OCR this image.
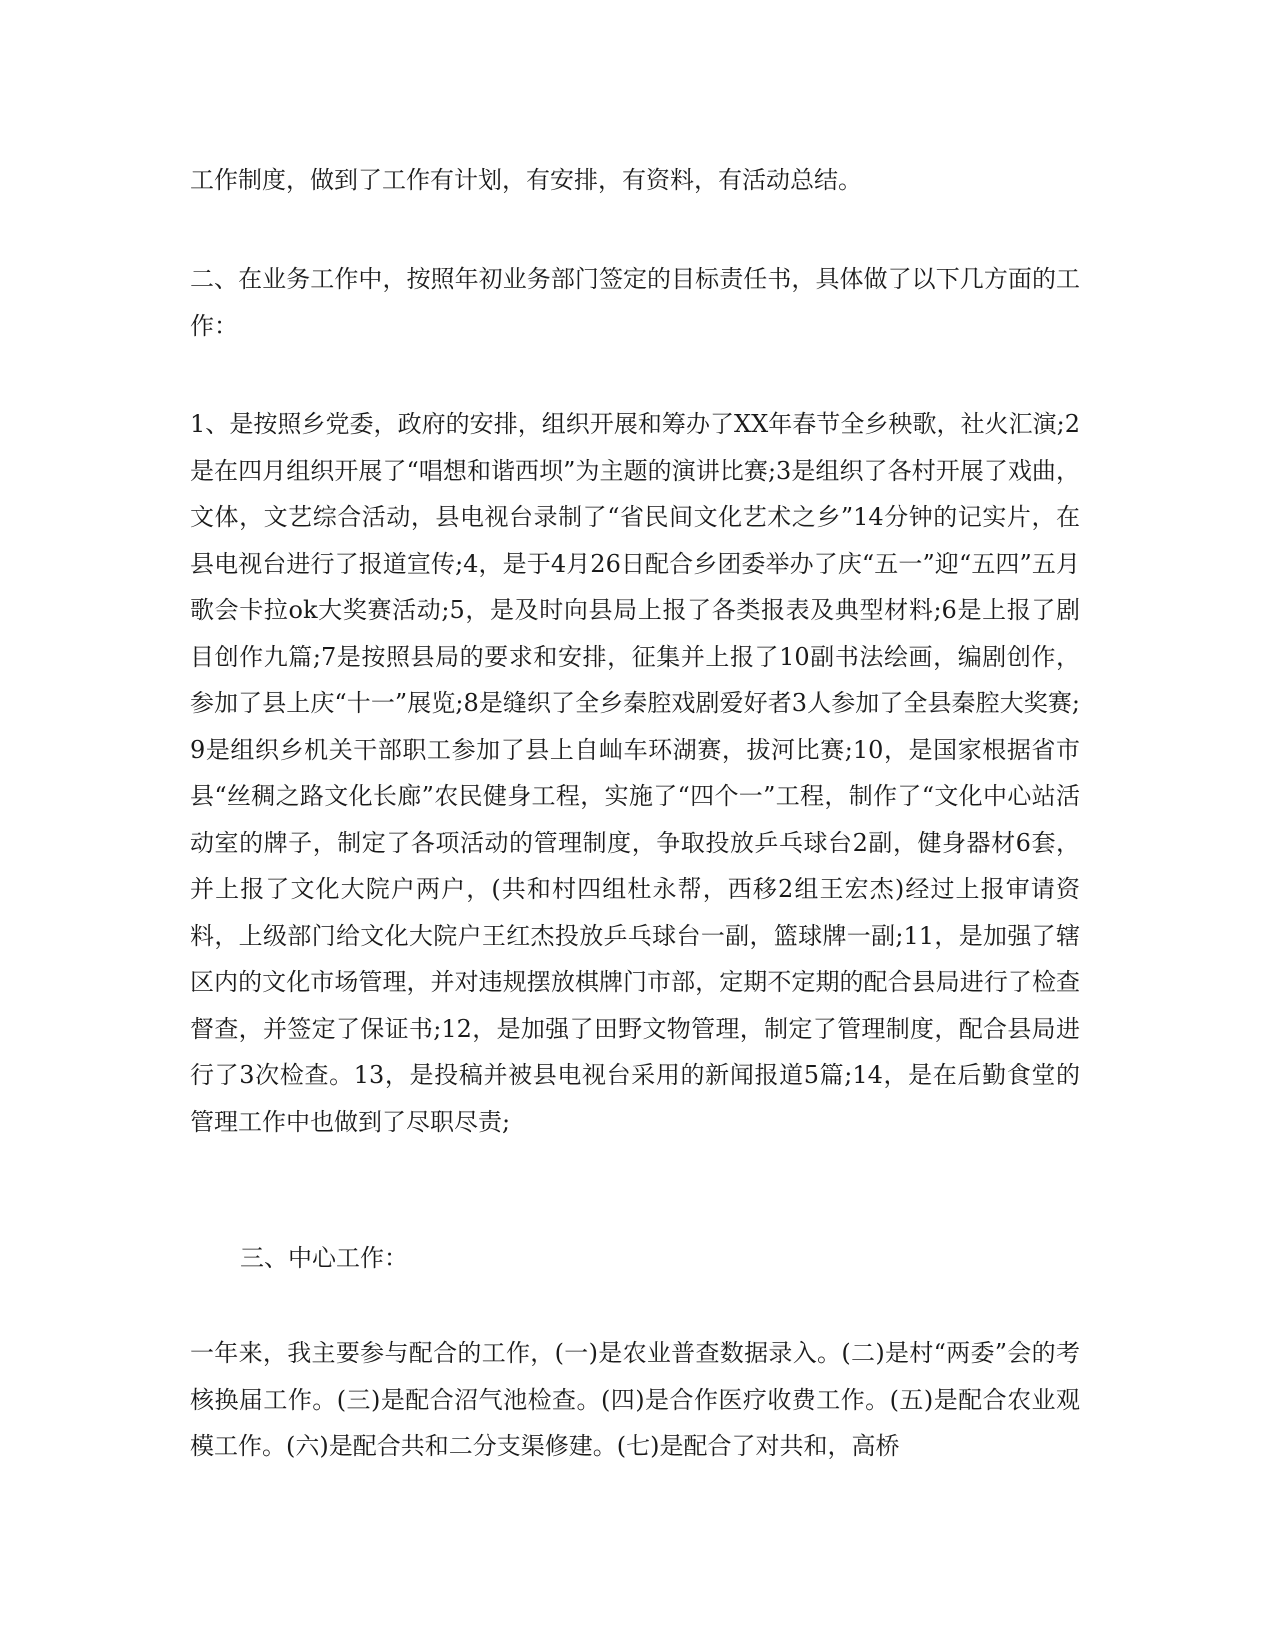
工作制度，做到了工作有计划，有安排，有资料，有活动总结。

二、在业务工作中，按照年初业务部门签定的目标责任书，具体做了以下几方面的工作：

1、是按照乡党委，政府的安排，组织开展和筹办了XX年春节全乡秧歌，社火汇演;2是在四月组织开展了“唱想和谐西坝”为主题的演讲比赛;3是组织了各村开展了戏曲，文体，文艺综合活动，县电视台录制了“省民间文化艺术之乡”14分钟的记实片，在县电视台进行了报道宣传;4，是于4月26日配合乡团委举办了庆“五一”迎“五四”五月歌会卡拉ok大奖赛活动;5，是及时向县局上报了各类报表及典型材料;6是上报了剧目创作九篇;7是按照县局的要求和安排，征集并上报了10副书法绘画，编剧创作，参加了县上庆“十一”展览;8是缝织了全乡秦腔戏剧爱好者3人参加了全县秦腔大奖赛;9是组织乡机关干部职工参加了县上自屾车环湖赛，拔河比赛;10，是国家根据省市县“丝稠之路文化长廊”农民健身工程，实施了“四个一”工程，制作了“文化中心站活动室的牌子，制定了各项活动的管理制度，争取投放乒乓球台2副，健身器材6套，并上报了文化大院户两户，(共和村四组杜永帮，西移2组王宏杰)经过上报审请资料，上级部门给文化大院户王红杰投放乒乓球台一副，篮球牌一副;11，是加强了辖区内的文化市场管理，并对违规摆放棋牌门市部，定期不定期的配合县局进行了检查督查，并签定了保证书;12，是加强了田野文物管理，制定了管理制度，配合县局进行了3次检查。13，是投稿并被县电视台采用的新闻报道5篇;14，是在后勤食堂的管理工作中也做到了尽职尽责;

三、中心工作：

一年来，我主要参与配合的工作，(一)是农业普查数据录入。(二)是村“两委”会的考核换届工作。(三)是配合沼气池检查。(四)是合作医疗收费工作。(五)是配合农业观模工作。(六)是配合共和二分支渠修建。(七)是配合了对共和，高桥
